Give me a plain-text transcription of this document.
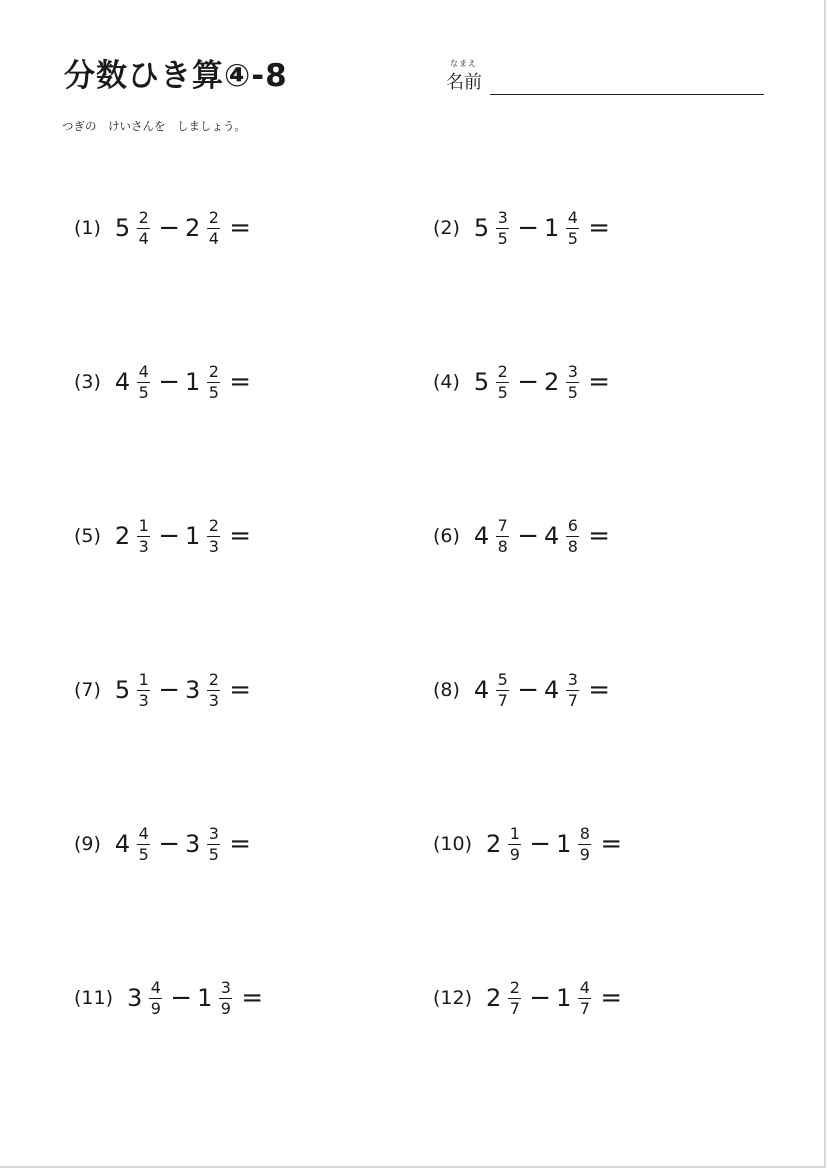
分数ひき算④-8	なまえ
名前
つぎの　けいさんを　しましょう。
(1) $5 \frac{2}{4} - 2 \frac{2}{4}$ =	(2) $5 \frac{3}{5} - 1 \frac{4}{5}$ =
(3) $4 \frac{4}{5} - 1 \frac{2}{5}$ =	(4) $5 \frac{2}{5} - 2 \frac{3}{5}$ =
(5) $2 \frac{1}{3} - 1 \frac{2}{3}$ =	(6) $4 \frac{7}{8} - 4 \frac{6}{8}$ =
(7) $5 \frac{1}{3} - 3 \frac{2}{3}$ =	(8) $4 \frac{5}{7} - 4 \frac{3}{7}$ =
(9) $4 \frac{4}{5} - 3 \frac{3}{5}$ =	(10) $2 \frac{1}{9} - 1 \frac{8}{9}$ =
(11) $3 \frac{4}{9} - 1 \frac{3}{9}$ =	(12) $2 \frac{2}{7} - 1 \frac{4}{7}$ =
